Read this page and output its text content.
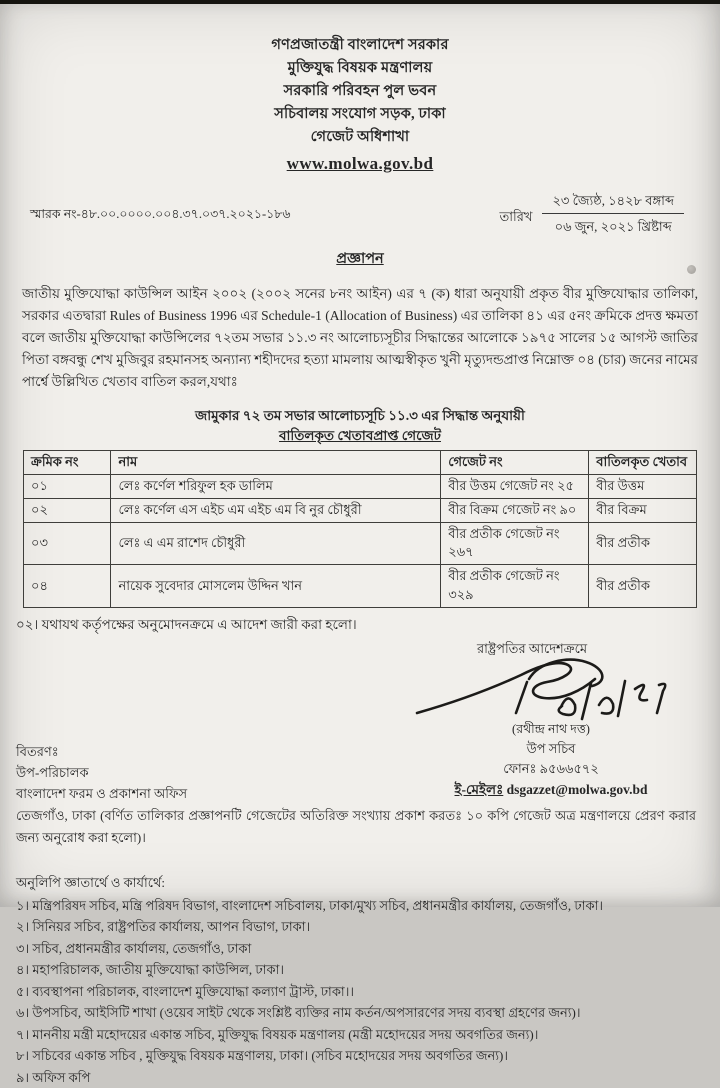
গণপ্রজাতন্ত্রী বাংলাদেশ সরকার
মুক্তিযুদ্ধ বিষয়ক মন্ত্রণালয়
সরকারি পরিবহন পুল ভবন
সচিবালয় সংযোগ সড়ক, ঢাকা
গেজেট অধিশাখা
www.molwa.gov.bd
স্মারক নং-৪৮.০০.০০০০.০০৪.৩৭.০৩৭.২০২১-১৮৬	তারিখ
২৩ জ্যৈষ্ঠ, ১৪২৮ বঙ্গাব্দ
০৬ জুন, ২০২১ খ্রিষ্টাব্দ
প্রজ্ঞাপন

জাতীয় মুক্তিযোদ্ধা কাউন্সিল আইন ২০০২ (২০০২ সনের ৮নং আইন) এর ৭ (ক) ধারা অনুযায়ী প্রকৃত বীর মুক্তিযোদ্ধার তালিকা, সরকার এতদ্বারা Rules of Business 1996 এর Schedule-1 (Allocation of Business) এর তালিকা ৪১ এর ৫নং ক্রমিকে প্রদত্ত ক্ষমতা বলে জাতীয় মুক্তিযোদ্ধা কাউন্সিলের ৭২তম সভার ১১.৩ নং আলোচ্যসূচীর সিদ্ধান্তের আলোকে ১৯৭৫ সালের ১৫ আগস্ট জাতির পিতা বঙ্গবন্ধু শেখ মুজিবুর রহমানসহ অন্যান্য শহীদদের হত্যা মামলায় আত্মস্বীকৃত খুনী মৃত্যুদন্ডপ্রাপ্ত নিম্নোক্ত ০৪ (চার) জনের নামের পার্শ্বে উল্লিখিত খেতাব বাতিল করল,যথাঃ

জামুকার ৭২ তম সভার আলোচ্যসূচি ১১.৩ এর সিদ্ধান্ত অনুযায়ী
বাতিলকৃত খেতাবপ্রাপ্ত গেজেট
ক্রমিক নং	নাম	গেজেট নং	বাতিলকৃত খেতাব
০১	লেঃ কর্ণেল শরিফুল হক ডালিম	বীর উত্তম গেজেট নং ২৫	বীর উত্তম
০২	লেঃ কর্ণেল এস এইচ এম এইচ এম বি নুর চৌধুরী	বীর বিক্রম গেজেট নং ৯০	বীর বিক্রম
০৩	লেঃ এ এম রাশেদ চৌধুরী	বীর প্রতীক গেজেট নং ২৬৭	বীর প্রতীক
০৪	নায়েক সুবেদার মোসলেম উদ্দিন খান	বীর প্রতীক গেজেট নং ৩২৯	বীর প্রতীক

০২। যথাযথ কর্তৃপক্ষের অনুমোদনক্রমে এ আদেশ জারী করা হলো।

রাষ্ট্রপতির আদেশক্রমে
(রথীন্দ্র নাথ দত্ত)
উপ সচিব
ফোনঃ ৯৫৬৬৫৭২
ই-মেইলঃ dsgazzet@molwa.gov.bd
বিতরণঃ
উপ-পরিচালক
বাংলাদেশ ফরম ও প্রকাশনা অফিস

তেজগাঁও, ঢাকা (বর্ণিত তালিকার প্রজ্ঞাপনটি গেজেটের অতিরিক্ত সংখ্যায় প্রকাশ করতঃ ১০ কপি গেজেট অত্র মন্ত্রণালয়ে প্রেরণ করার জন্য অনুরোধ করা হলো)।

অনুলিপি জ্ঞাতার্থে ও কার্যার্থে:
১। মন্ত্রিপরিষদ সচিব, মন্ত্রি পরিষদ বিভাগ, বাংলাদেশ সচিবালয়, ঢাকা/মুখ্য সচিব, প্রধানমন্ত্রীর কার্যালয়, তেজগাঁও, ঢাকা।
২। সিনিয়র সচিব, রাষ্ট্রপতির কার্যালয়, আপন বিভাগ, ঢাকা।
৩। সচিব, প্রধানমন্ত্রীর কার্যালয়, তেজগাঁও, ঢাকা
৪। মহাপরিচালক, জাতীয় মুক্তিযোদ্ধা কাউন্সিল, ঢাকা।
৫। ব্যবস্থাপনা পরিচালক, বাংলাদেশ মুক্তিযোদ্ধা কল্যাণ ট্রাস্ট, ঢাকা।।
৬। উপসচিব, আইসিটি শাখা (ওয়েব সাইট থেকে সংশ্লিষ্ট ব্যক্তির নাম কর্তন/অপসারণের সদয় ব্যবস্থা গ্রহণের জন্য)।
৭। মাননীয় মন্ত্রী মহোদয়ের একান্ত সচিব, মুক্তিযুদ্ধ বিষয়ক মন্ত্রণালয় (মন্ত্রী মহোদয়ের সদয় অবগতির জন্য)।
৮। সচিবের একান্ত সচিব , মুক্তিযুদ্ধ বিষয়ক মন্ত্রণালয়, ঢাকা। (সচিব মহোদয়ের সদয় অবগতির জন্য)।
৯। অফিস কপি
